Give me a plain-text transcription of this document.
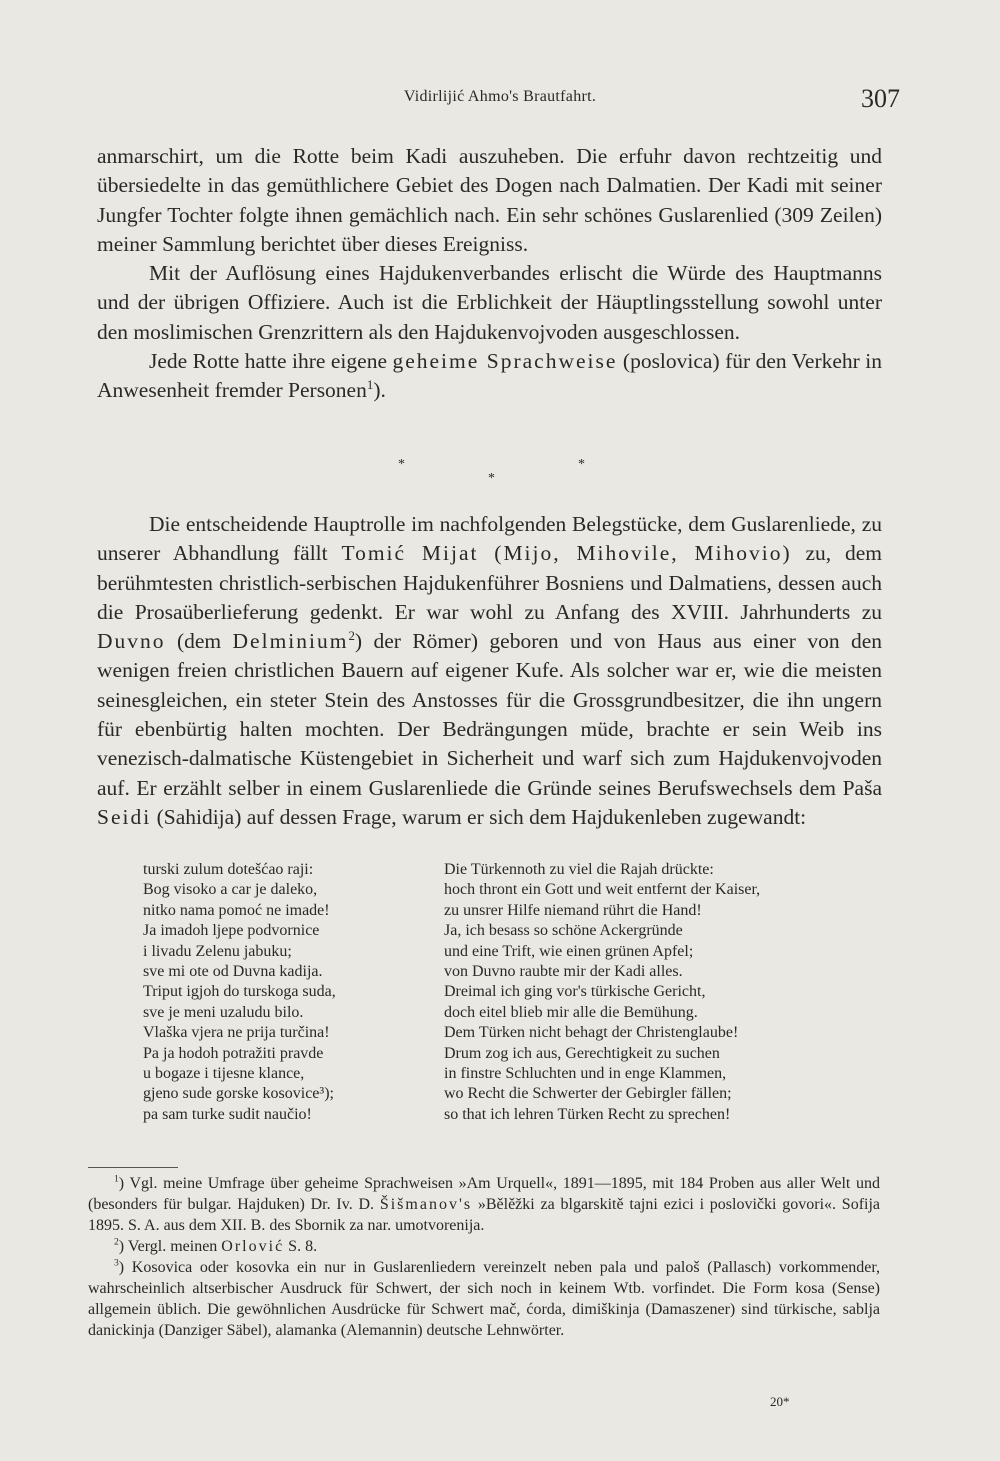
Vidirlijić Ahmo's Brautfahrt.	307

anmarschirt, um die Rotte beim Kadi auszuheben. Die erfuhr davon rechtzeitig und übersiedelte in das gemüthlichere Gebiet des Dogen nach Dalmatien. Der Kadi mit seiner Jungfer Tochter folgte ihnen gemächlich nach. Ein sehr schönes Guslarenlied (309 Zeilen) meiner Sammlung berichtet über dieses Ereigniss.

Mit der Auflösung eines Hajdukenverbandes erlischt die Würde des Hauptmanns und der übrigen Offiziere. Auch ist die Erblichkeit der Häuptlingsstellung sowohl unter den moslimischen Grenzrittern als den Hajdukenvojvoden ausgeschlossen.

Jede Rotte hatte ihre eigene geheime Sprachweise (poslovica) für den Verkehr in Anwesenheit fremder Personen$^1$).

*
*
*

Die entscheidende Hauptrolle im nachfolgenden Belegstücke, dem Guslarenliede, zu unserer Abhandlung fällt Tomić Mijat (Mijo, Mihovile, Mihovio) zu, dem berühmtesten christlich-serbischen Hajdukenführer Bosniens und Dalmatiens, dessen auch die Prosaüberlieferung gedenkt. Er war wohl zu Anfang des XVIII. Jahrhunderts zu Duvno (dem Delminium$^2$) der Römer) geboren und von Haus aus einer von den wenigen freien christlichen Bauern auf eigener Kufe. Als solcher war er, wie die meisten seinesgleichen, ein steter Stein des Anstosses für die Grossgrundbesitzer, die ihn ungern für ebenbürtig halten mochten. Der Bedrängungen müde, brachte er sein Weib ins venezisch-dalmatische Küstengebiet in Sicherheit und warf sich zum Hajdukenvojvoden auf. Er erzählt selber in einem Guslarenliede die Gründe seines Berufswechsels dem Paša Seidi (Sahidija) auf dessen Frage, warum er sich dem Hajdukenleben zugewandt:

turski zulum dotešćao raji:
Bog visoko a car je daleko,
nitko nama pomoć ne imade!
Ja imadoh ljepe podvornice
i livadu Zelenu jabuku;
sve mi ote od Duvna kadija.
Triput igjoh do turskoga suda,
sve je meni uzaludu bilo.
Vlaška vjera ne prija turčina!
Pa ja hodoh potražiti pravde
u bogaze i tijesne klance,
gjeno sude gorske kosovice³);
pa sam turke sudit naučio!
Die Türkennoth zu viel die Rajah drückte:
hoch thront ein Gott und weit entfernt der Kaiser,
zu unsrer Hilfe niemand rührt die Hand!
Ja, ich besass so schöne Ackergründe
und eine Trift, wie einen grünen Apfel;
von Duvno raubte mir der Kadi alles.
Dreimal ich ging vor's türkische Gericht,
doch eitel blieb mir alle die Bemühung.
Dem Türken nicht behagt der Christenglaube!
Drum zog ich aus, Gerechtigkeit zu suchen
in finstre Schluchten und in enge Klammen,
wo Recht die Schwerter der Gebirgler fällen;
so that ich lehren Türken Recht zu sprechen!

$^1$) Vgl. meine Umfrage über geheime Sprachweisen »Am Urquell«, 1891—1895, mit 184 Proben aus aller Welt und (besonders für bulgar. Hajduken) Dr. Iv. D. Šišmanov's »Bělěžki za blgarskitě tajni ezici i poslovički govori«. Sofija 1895. S. A. aus dem XII. B. des Sbornik za nar. umotvorenija.

$^2$) Vergl. meinen Orlović S. 8.

$^3$) Kosovica oder kosovka ein nur in Guslarenliedern vereinzelt neben pala und paloš (Pallasch) vorkommender, wahrscheinlich altserbischer Ausdruck für Schwert, der sich noch in keinem Wtb. vorfindet. Die Form kosa (Sense) allgemein üblich. Die gewöhnlichen Ausdrücke für Schwert mač, ćorda, dimiškinja (Damaszener) sind türkische, sablja danickinja (Danziger Säbel), alamanka (Alemannin) deutsche Lehnwörter.

20*
